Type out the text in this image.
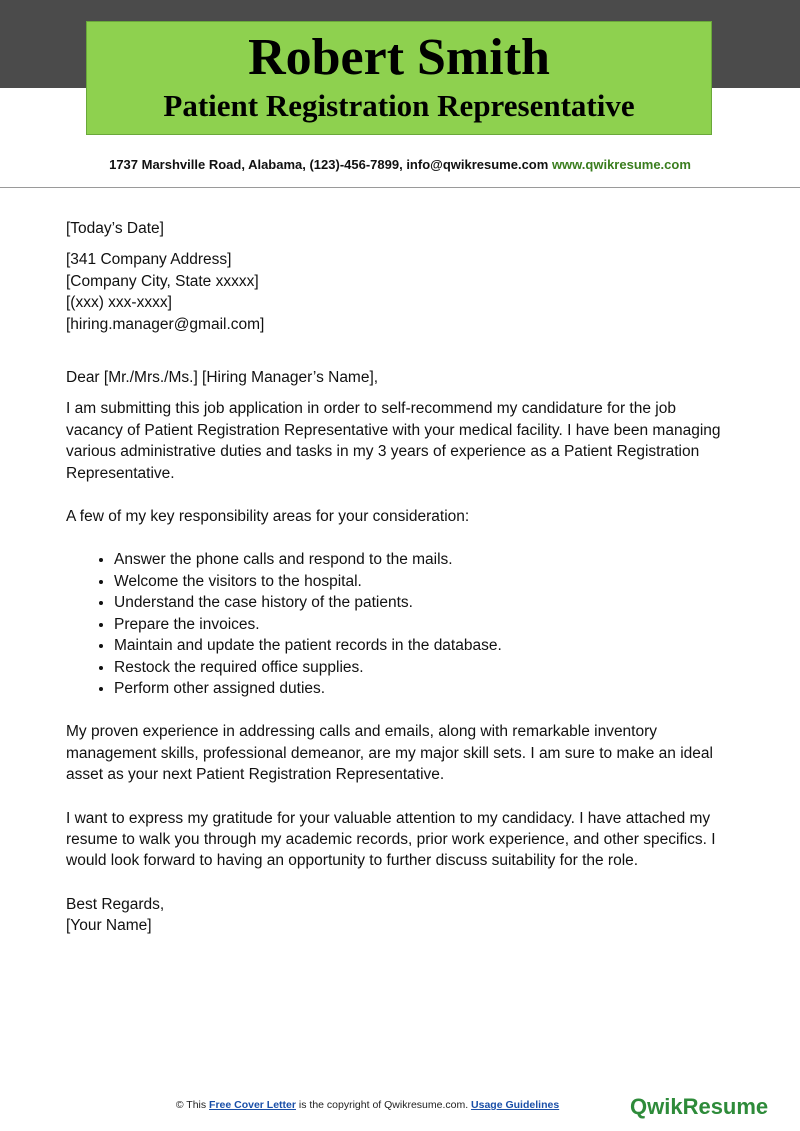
Robert Smith
Patient Registration Representative
1737 Marshville Road, Alabama, (123)-456-7899, info@qwikresume.com www.qwikresume.com

[Today’s Date]

[341 Company Address]

[Company City, State xxxxx]

[(xxx) xxx-xxxx]

[hiring.manager@gmail.com]

Dear [Mr./Mrs./Ms.] [Hiring Manager’s Name],

I am submitting this job application in order to self-recommend my candidature for the job vacancy of Patient Registration Representative with your medical facility. I have been managing various administrative duties and tasks in my 3 years of experience as a Patient Registration Representative.

A few of my key responsibility areas for your consideration:

• Answer the phone calls and respond to the mails.
• Welcome the visitors to the hospital.
• Understand the case history of the patients.
• Prepare the invoices.
• Maintain and update the patient records in the database.
• Restock the required office supplies.
• Perform other assigned duties.

My proven experience in addressing calls and emails, along with remarkable inventory management skills, professional demeanor, are my major skill sets. I am sure to make an ideal asset as your next Patient Registration Representative.

I want to express my gratitude for your valuable attention to my candidacy. I have attached my resume to walk you through my academic records, prior work experience, and other specifics. I would look forward to having an opportunity to further discuss suitability for the role.

Best Regards,

[Your Name]

© This Free Cover Letter is the copyright of Qwikresume.com. Usage Guidelines	QwikResume
